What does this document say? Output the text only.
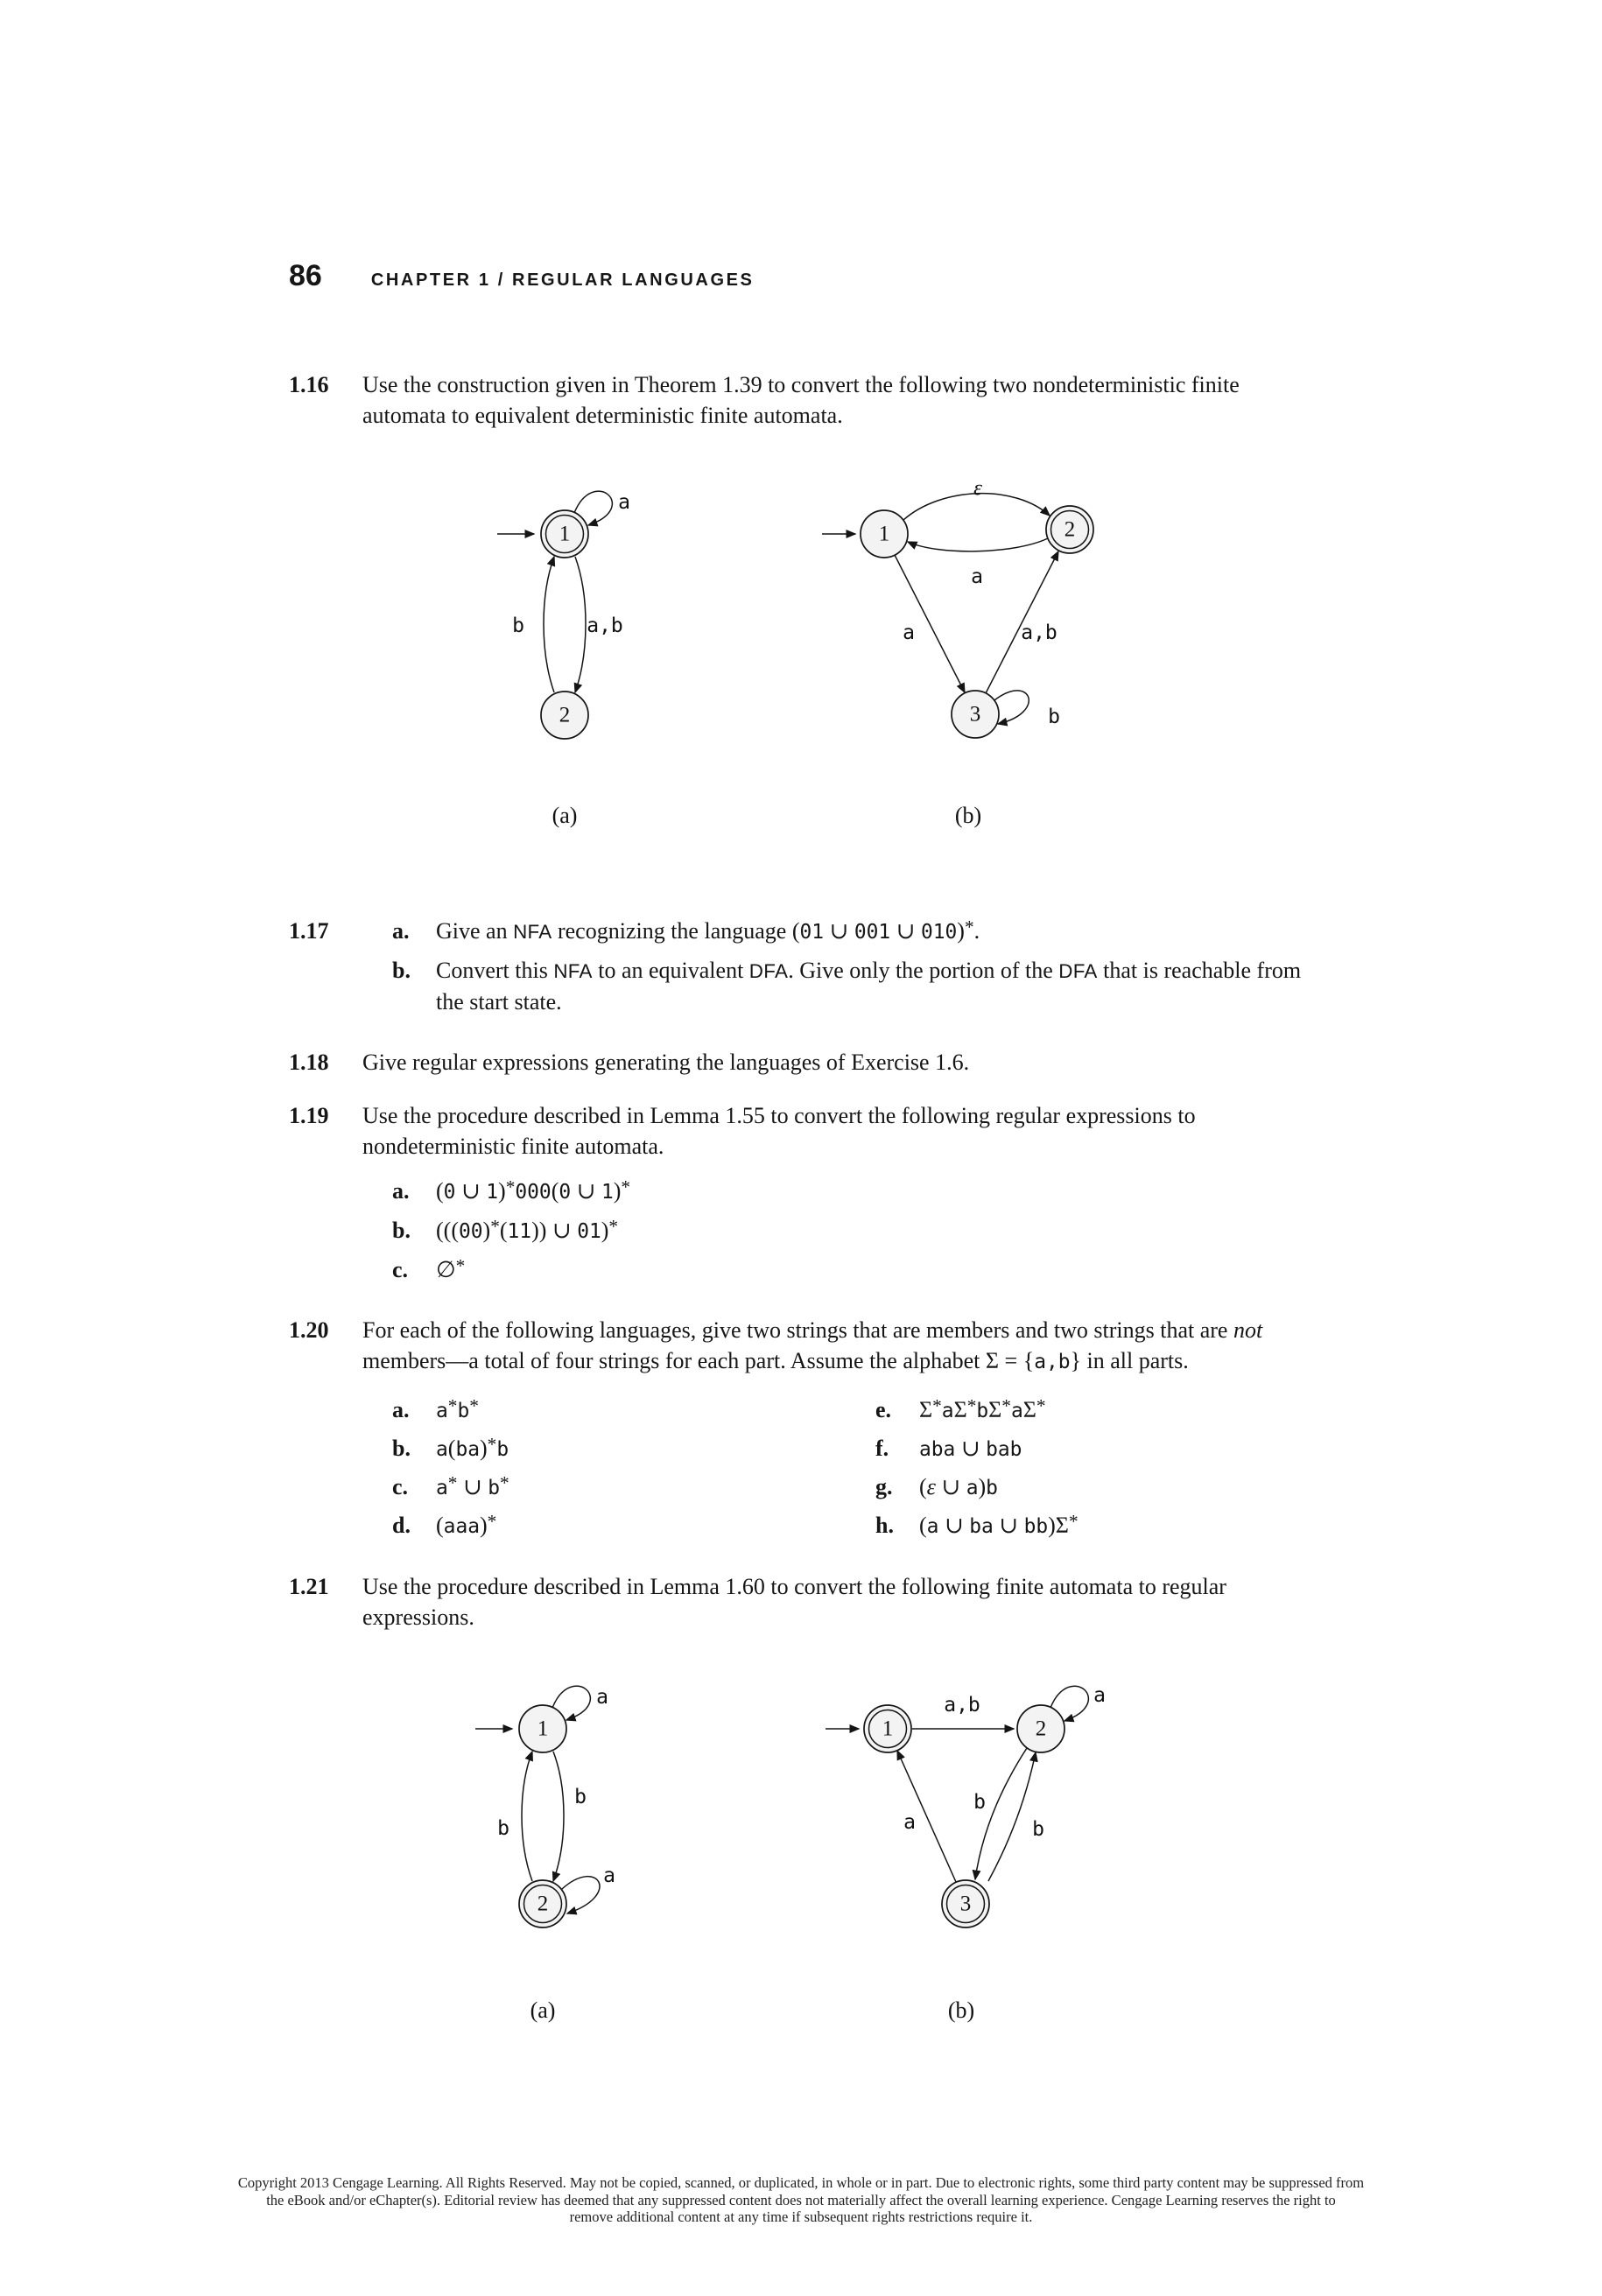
86	CHAPTER 1 / REGULAR LANGUAGES
1.16	Use the construction given in Theorem 1.39 to convert the following two nondeterministic finite automata to equivalent deterministic finite automata.

1
2
a
b	a,b
(a)
1	2
3
ε
a
a	a,b
b
(b)
1.17	a.	Give an NFA recognizing the language (01 ∪ 001 ∪ 010)*.
b.	Convert this NFA to an equivalent DFA. Give only the portion of the DFA that is reachable from the start state.
1.18	Give regular expressions generating the languages of Exercise 1.6.

1.19	Use the procedure described in Lemma 1.55 to convert the following regular expressions to nondeterministic finite automata.

a.	(0 ∪ 1)*000(0 ∪ 1)*
b.	(((00)*(11)) ∪ 01)*
c.	∅*
1.20	For each of the following languages, give two strings that are members and two strings that are not members—a total of four strings for each part. Assume the alphabet Σ = {a,b} in all parts.

a.	a*b*
b.	a(ba)*b
c.	a* ∪ b*
d.	(aaa)*
e.	Σ*aΣ*bΣ*aΣ*
f.	aba ∪ bab
g.	(ε ∪ a)b
h.	(a ∪ ba ∪ bb)Σ*
1.21	Use the procedure described in Lemma 1.60 to convert the following finite automata to regular expressions.

1
2
a
b
b
a
(a)
1	2
3
a,b	a
b
b
a
(b)
Copyright 2013 Cengage Learning. All Rights Reserved. May not be copied, scanned, or duplicated, in whole or in part. Due to electronic rights, some third party content may be suppressed from
the eBook and/or eChapter(s). Editorial review has deemed that any suppressed content does not materially affect the overall learning experience. Cengage Learning reserves the right to
remove additional content at any time if subsequent rights restrictions require it.
